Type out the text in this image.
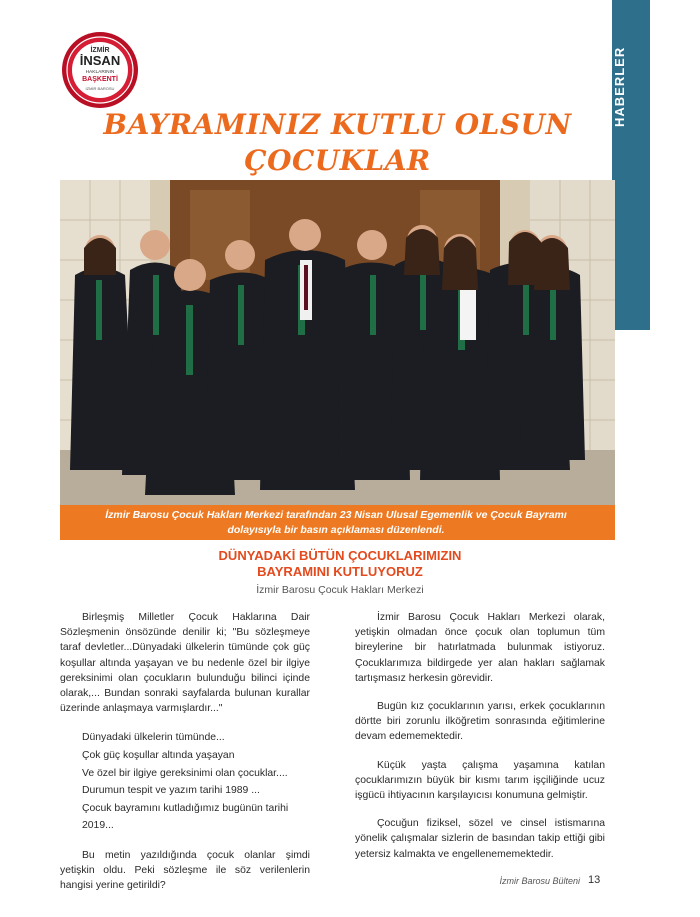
HABERLER
İZMİR
İNSAN
HAKLARININ
BAŞKENTİ
İZMİR BAROSU
BAYRAMINIZ KUTLU OLSUN
ÇOCUKLAR
İzmir Barosu Çocuk Hakları Merkezi tarafından 23 Nisan Ulusal Egemenlik ve Çocuk Bayramı dolayısıyla bir basın açıklaması düzenlendi.
DÜNYADAKİ BÜTÜN ÇOCUKLARIMIZIN
BAYRAMINI KUTLUYORUZ
İzmir Barosu Çocuk Hakları Merkezi

Birleşmiş Milletler Çocuk Haklarına Dair Sözleşmenin önsözünde denilir ki; "Bu sözleşmeye taraf devletler...Dünyadaki ülkelerin tümünde çok güç koşullar altında yaşayan ve bu nedenle özel bir ilgiye gereksinimi olan çocukların bulunduğu bilinci içinde olarak,... Bundan sonraki sayfalarda bulunan kurallar üzerinde anlaşmaya varmışlardır..."

Dünyadaki ülkelerin tümünde...
Çok güç koşullar altında yaşayan
Ve özel bir ilgiye gereksinimi olan çocuklar....
Durumun tespit ve yazım tarihi 1989 ...
Çocuk bayramını kutladığımız bugünün tarihi
2019...

Bu metin yazıldığında çocuk olanlar şimdi yetişkin oldu. Peki sözleşme ile söz verilenlerin hangisi yerine getirildi?

İzmir Barosu Çocuk Hakları Merkezi olarak, yetişkin olmadan önce çocuk olan toplumun tüm bireylerine bir hatırlatmada bulunmak istiyoruz. Çocuklarımıza bildirgede yer alan hakları sağlamak tartışmasız herkesin görevidir.

Bugün kız çocuklarının yarısı, erkek çocuklarının dörtte biri zorunlu ilköğretim sonrasında eğitimlerine devam edememektedir.

Küçük yaşta çalışma yaşamına katılan çocuklarımızın büyük bir kısmı tarım işçiliğinde ucuz işgücü ihtiyacının karşılayıcısı konumuna gelmiştir.

Çocuğun fiziksel, sözel ve cinsel istismarına yönelik çalışmalar sizlerin de basından takip ettiği gibi yetersiz kalmakta ve engellenememektedir.

İzmir Barosu Bülteni 13
